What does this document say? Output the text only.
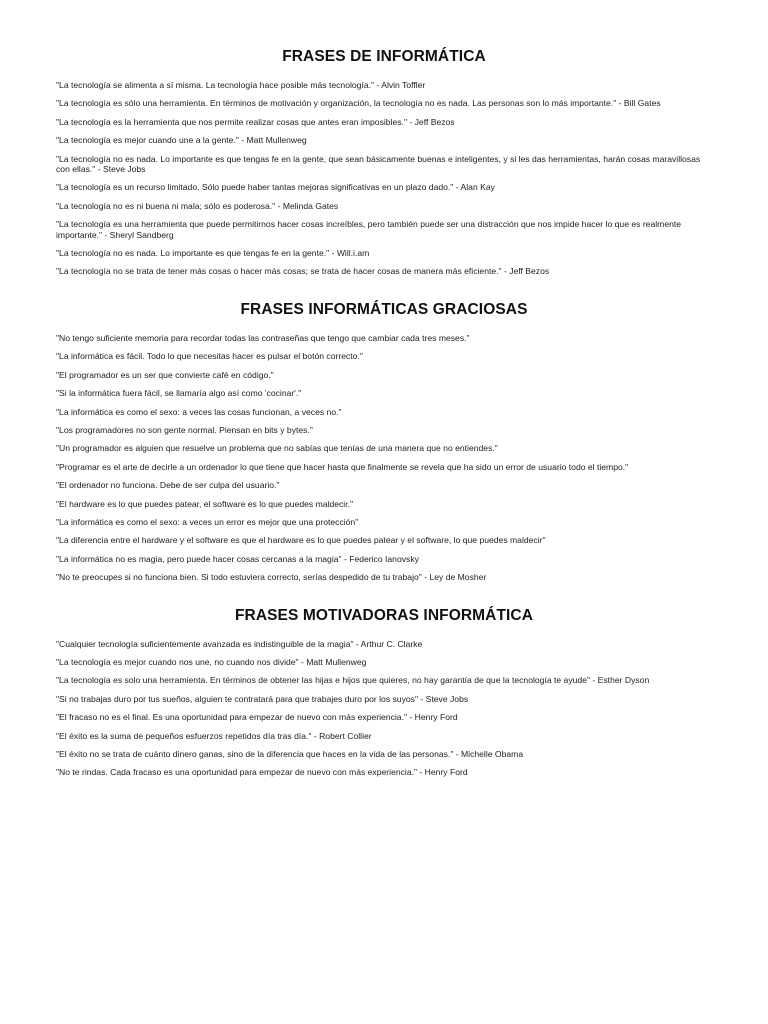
FRASES DE INFORMÁTICA
"La tecnología se alimenta a sí misma. La tecnología hace posible más tecnología." - Alvin Toffler
"La tecnología es sólo una herramienta. En términos de motivación y organización, la tecnología no es nada. Las personas son lo más importante." - Bill Gates
"La tecnología es la herramienta que nos permite realizar cosas que antes eran imposibles." - Jeff Bezos
"La tecnología es mejor cuando une a la gente." - Matt Mullenweg
"La tecnología no es nada. Lo importante es que tengas fe en la gente, que sean básicamente buenas e inteligentes, y si les das herramientas, harán cosas maravillosas con ellas." - Steve Jobs
"La tecnología es un recurso limitado. Sólo puede haber tantas mejoras significativas en un plazo dado." - Alan Kay
"La tecnología no es ni buena ni mala; sólo es poderosa." - Melinda Gates
"La tecnología es una herramienta que puede permitirnos hacer cosas increíbles, pero también puede ser una distracción que nos impide hacer lo que es realmente importante." - Sheryl Sandberg
"La tecnología no es nada. Lo importante es que tengas fe en la gente." - Will.i.am
"La tecnología no se trata de tener más cosas o hacer más cosas; se trata de hacer cosas de manera más eficiente." - Jeff Bezos
FRASES INFORMÁTICAS GRACIOSAS
"No tengo suficiente memoria para recordar todas las contraseñas que tengo que cambiar cada tres meses."
"La informática es fácil. Todo lo que necesitas hacer es pulsar el botón correcto."
"El programador es un ser que convierte café en código."
"Si la informática fuera fácil, se llamaría algo así como 'cocinar'."
"La informática es como el sexo: a veces las cosas funcionan, a veces no."
"Los programadores no son gente normal. Piensan en bits y bytes."
"Un programador es alguien que resuelve un problema que no sabías que tenías de una manera que no entiendes."
"Programar es el arte de decirle a un ordenador lo que tiene que hacer hasta que finalmente se revela que ha sido un error de usuario todo el tiempo."
"El ordenador no funciona. Debe de ser culpa del usuario."
"El hardware es lo que puedes patear, el software es lo que puedes maldecir."
"La informática es como el sexo: a veces un error es mejor que una protección"
"La diferencia entre el hardware y el software es que el hardware es lo que puedes patear y el software, lo que puedes maldecir"
"La informática no es magia, pero puede hacer cosas cercanas a la magia" - Federico Ianovsky
"No te preocupes si no funciona bien. Si todo estuviera correcto, serías despedido de tu trabajo" - Ley de Mosher
FRASES MOTIVADORAS INFORMÁTICA
"Cualquier tecnología suficientemente avanzada es indistinguible de la magia" - Arthur C. Clarke
"La tecnología es mejor cuando nos une, no cuando nos divide" - Matt Mullenweg
"La tecnología es solo una herramienta. En términos de obtener las hijas e hijos que quieres, no hay garantía de que la tecnología te ayude" - Esther Dyson
"Si no trabajas duro por tus sueños, alguien te contratará para que trabajes duro por los suyos" - Steve Jobs
"El fracaso no es el final. Es una oportunidad para empezar de nuevo con más experiencia." - Henry Ford
"El éxito es la suma de pequeños esfuerzos repetidos día tras día." - Robert Collier
"El éxito no se trata de cuánto dinero ganas, sino de la diferencia que haces en la vida de las personas." - Michelle Obama
"No te rindas. Cada fracaso es una oportunidad para empezar de nuevo con más experiencia." - Henry Ford
